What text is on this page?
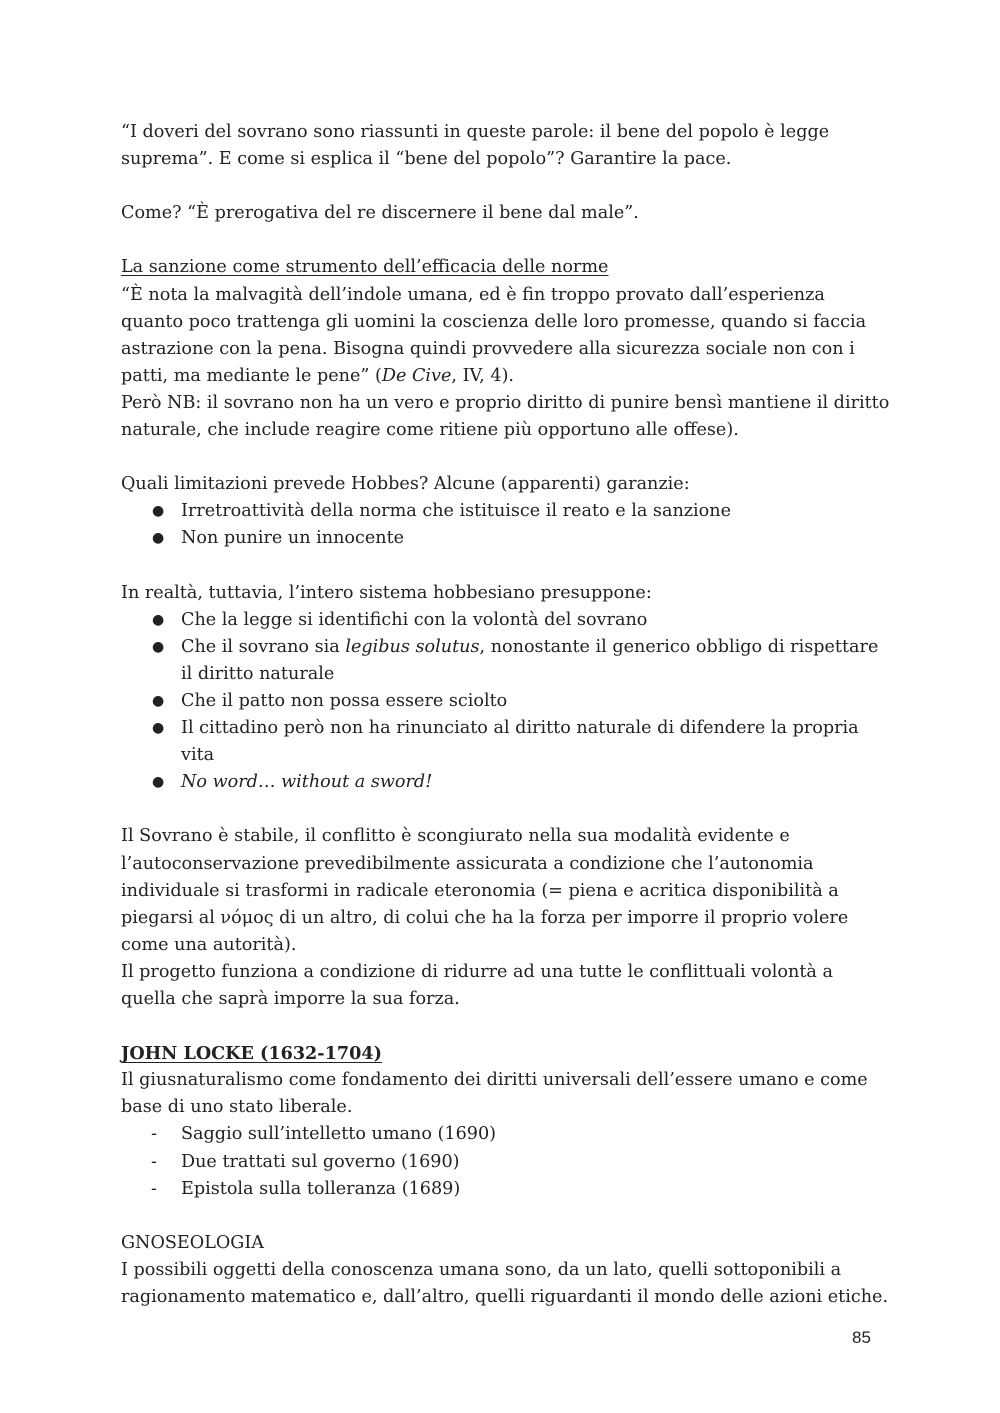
“I doveri del sovrano sono riassunti in queste parole: il bene del popolo è legge suprema”. E come si esplica il “bene del popolo”? Garantire la pace.

Come? “È prerogativa del re discernere il bene dal male”.

La sanzione come strumento dell’efficacia delle norme

“È nota la malvagità dell’indole umana, ed è fin troppo provato dall’esperienza quanto poco trattenga gli uomini la coscienza delle loro promesse, quando si faccia astrazione con la pena. Bisogna quindi provvedere alla sicurezza sociale non con i patti, ma mediante le pene” (De Cive, IV, 4).

Però NB: il sovrano non ha un vero e proprio diritto di punire bensì mantiene il diritto naturale, che include reagire come ritiene più opportuno alle offese).

Quali limitazioni prevede Hobbes? Alcune (apparenti) garanzie:

● Irretroattività della norma che istituisce il reato e la sanzione
● Non punire un innocente

In realtà, tuttavia, l’intero sistema hobbesiano presuppone:

● Che la legge si identifichi con la volontà del sovrano
● Che il sovrano sia legibus solutus, nonostante il generico obbligo di rispettare il diritto naturale
● Che il patto non possa essere sciolto
● Il cittadino però non ha rinunciato al diritto naturale di difendere la propria vita
● No word… without a sword!

Il Sovrano è stabile, il conflitto è scongiurato nella sua modalità evidente e l’autoconservazione prevedibilmente assicurata a condizione che l’autonomia individuale si trasformi in radicale eteronomia (= piena e acritica disponibilità a piegarsi al νόμος di un altro, di colui che ha la forza per imporre il proprio volere come una autorità).

Il progetto funziona a condizione di ridurre ad una tutte le conflittuali volontà a quella che saprà imporre la sua forza.

JOHN LOCKE (1632-1704)

Il giusnaturalismo come fondamento dei diritti universali dell’essere umano e come base di uno stato liberale.

- Saggio sull’intelletto umano (1690)
- Due trattati sul governo (1690)
- Epistola sulla tolleranza (1689)

GNOSEOLOGIA

I possibili oggetti della conoscenza umana sono, da un lato, quelli sottoponibili a ragionamento matematico e, dall’altro, quelli riguardanti il mondo delle azioni etiche.

85
